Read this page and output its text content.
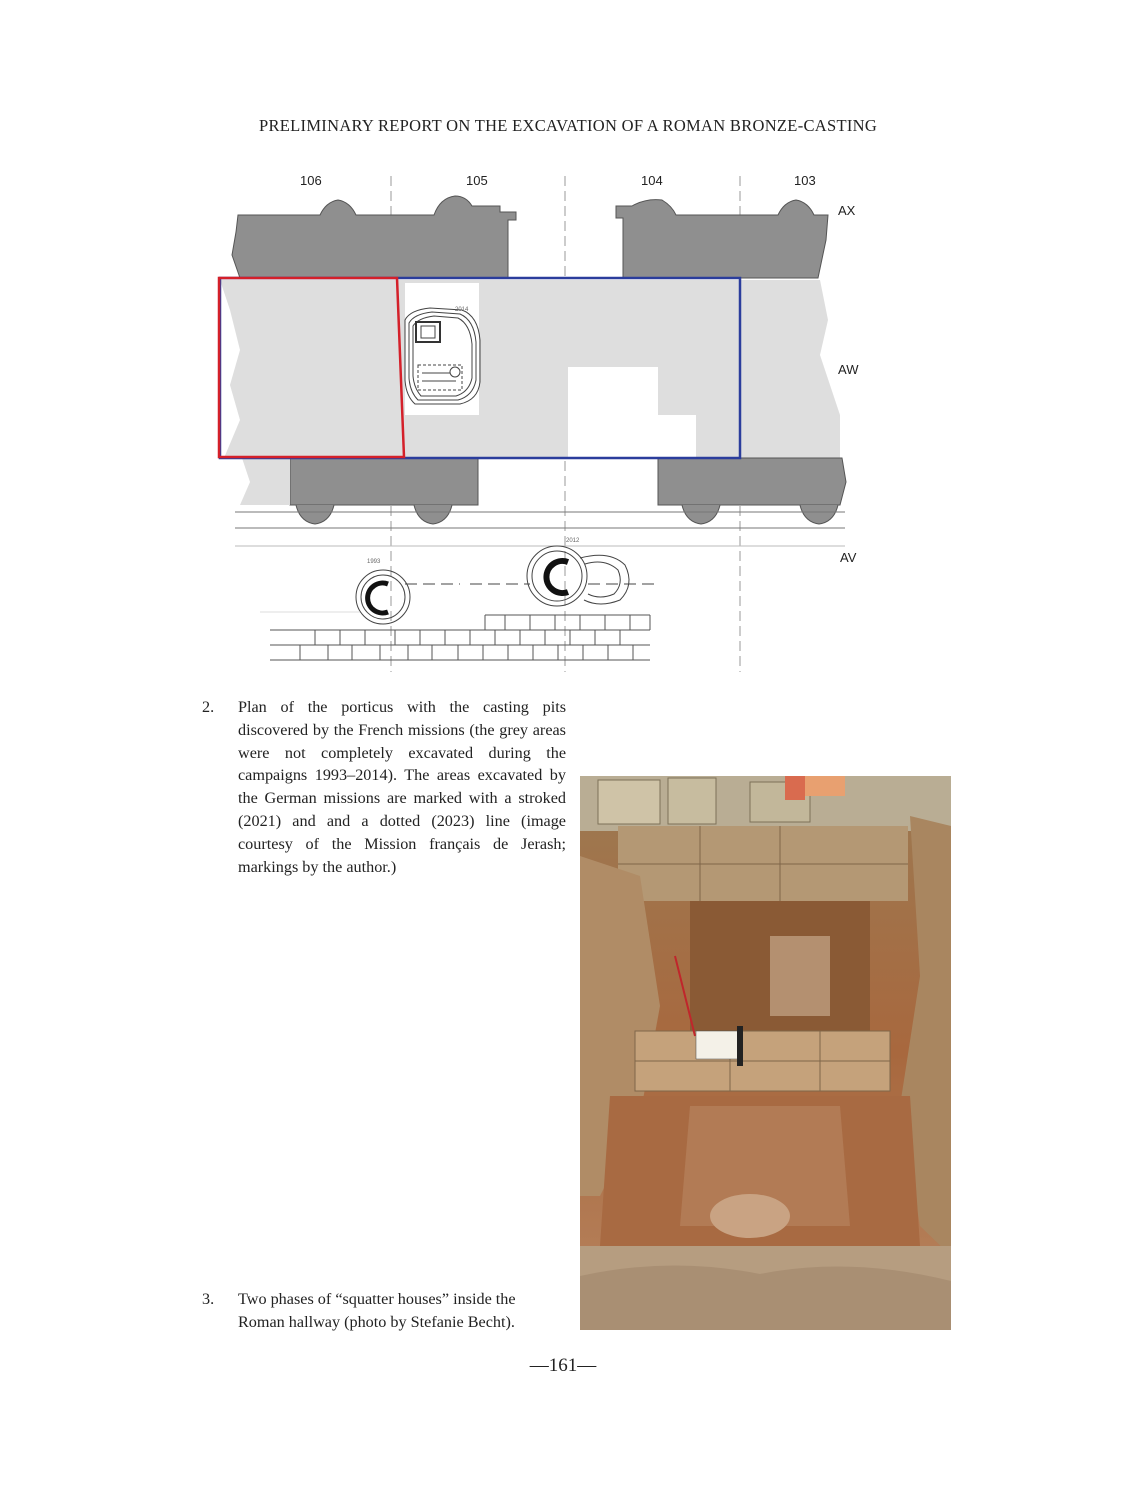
PRELIMINARY REPORT ON THE EXCAVATION OF A ROMAN BRONZE-CASTING
2014
106	105	104	103
AX
AW
AV
1993
2012
2. Plan of the porticus with the casting pits discovered by the French missions (the grey areas were not completely excavated during the campaigns 1993–2014). The areas excavated by the German missions are marked with a stroked (2021) and and a dotted (2023) line (image courtesy of the Mission français de Jerash; markings by the author.)
3. Two phases of “squatter houses” inside the Roman hallway (photo by Stefanie Becht).
—161—
